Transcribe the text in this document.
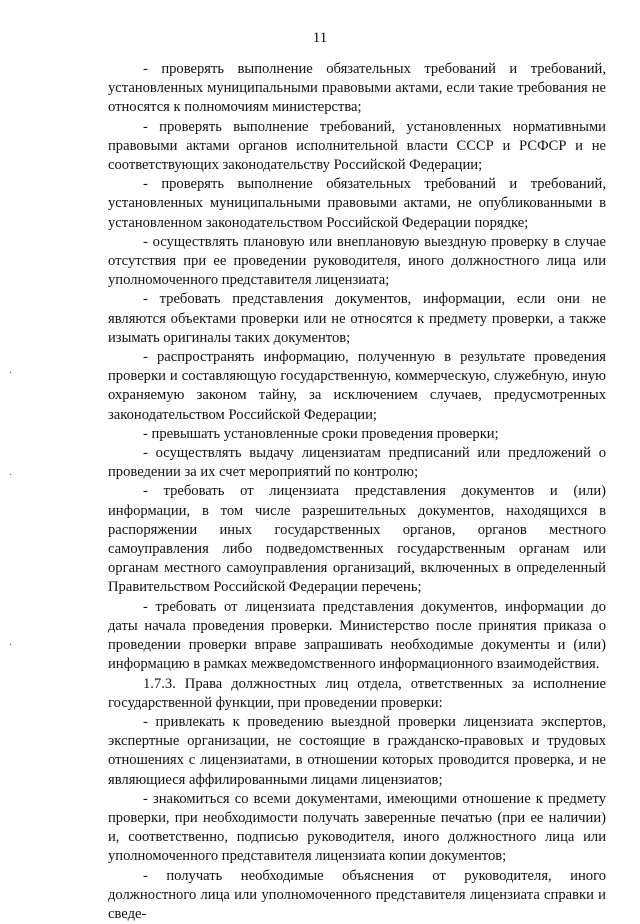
11
·
·
·

- проверять выполнение обязательных требований и требований, установленных муниципальными правовыми актами, если такие требования не относятся к полномочиям министерства;

- проверять выполнение требований, установленных нормативными правовыми актами органов исполнительной власти СССР и РСФСР и не соответствующих законодательству Российской Федерации;

- проверять выполнение обязательных требований и требований, установленных муниципальными правовыми актами, не опубликованными в установленном законодательством Российской Федерации порядке;

- осуществлять плановую или внеплановую выездную проверку в случае отсутствия при ее проведении руководителя, иного должностного лица или уполномоченного представителя лицензиата;

- требовать представления документов, информации, если они не являются объектами проверки или не относятся к предмету проверки, а также изымать оригиналы таких документов;

- распространять информацию, полученную в результате проведения проверки и составляющую государственную, коммерческую, служебную, иную охраняемую законом тайну, за исключением случаев, предусмотренных законодательством Российской Федерации;

- превышать установленные сроки проведения проверки;

- осуществлять выдачу лицензиатам предписаний или предложений о проведении за их счет мероприятий по контролю;

- требовать от лицензиата представления документов и (или) информации, в том числе разрешительных документов, находящихся в распоряжении иных государственных органов, органов местного самоуправления либо подведомственных государственным органам или органам местного самоуправления организаций, включенных в определенный Правительством Российской Федерации перечень;

- требовать от лицензиата представления документов, информации до даты начала проведения проверки. Министерство после принятия приказа о проведении проверки вправе запрашивать необходимые документы и (или) информацию в рамках межведомственного информационного взаимодействия.

1.7.3. Права должностных лиц отдела, ответственных за исполнение государственной функции, при проведении проверки:

- привлекать к проведению выездной проверки лицензиата экспертов, экспертные организации, не состоящие в гражданско-правовых и трудовых отношениях с лицензиатами, в отношении которых проводится проверка, и не являющиеся аффилированными лицами лицензиатов;

- знакомиться со всеми документами, имеющими отношение к предмету проверки, при необходимости получать заверенные печатью (при ее наличии) и, соответственно, подписью руководителя, иного должностного лица или уполномоченного представителя лицензиата копии документов;

- получать необходимые объяснения от руководителя, иного должностного лица или уполномоченного представителя лицензиата справки и сведе-
